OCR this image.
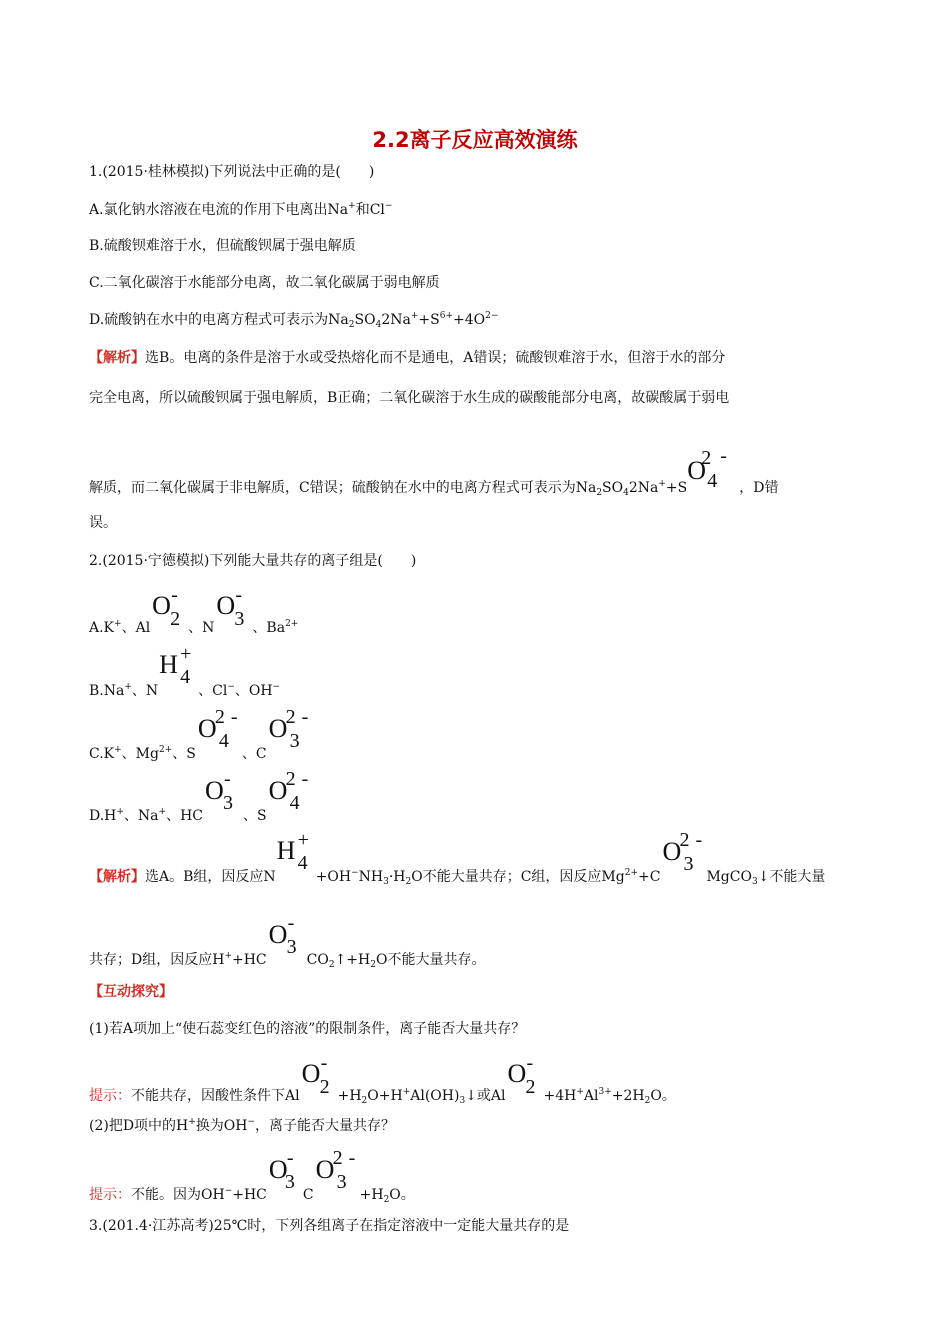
2.2离子反应高效演练
1.(2015·桂林模拟)下列说法中正确的是(　　)
A.氯化钠水溶液在电流的作用下电离出Na+和Cl−
B.硫酸钡难溶于水，但硫酸钡属于强电解质
C.二氧化碳溶于水能部分电离，故二氧化碳属于弱电解质
D.硫酸钠在水中的电离方程式可表示为$Na_2SO_42Na^++S^{6+}+4O^{2-}$
【解析】选B。电离的条件是溶于水或受热熔化而不是通电，A错误；硫酸钡难溶于水，但溶于水的部分
完全电离，所以硫酸钡属于强电解质，B正确；二氧化碳溶于水生成的碳酸能部分电离，故碳酸属于弱电
解质，而二氧化碳属于非电解质，C错误；硫酸钠在水中的电离方程式可表示为$Na_2SO_42Na^++S$
O
2 -
4 ，D错
误。
2.(2015·宁德模拟)下列能大量共存的离子组是(　　)
A.K+、Al
O -
2 、N
O -
3 、$Ba^{2+}$
B.Na+、N
H +
4
、Cl−、OH−
C.K+、$Mg^{2+}$、S
O
2 -
4
、C
O
2 -
3
D.H+、Na+、HC
O -
3
、S
O
2 -
4
【解析】选A。B组，因反应N
H +
4
$+OH^-NH_3\cdot H_2O$不能大量共存；C组，因反应$Mg^{2+}+C$
O
2 -
3
MgCO$_3$↓不能大量
共存；D组，因反应H++HC
O -
3
$CO_2↑+H_2O$不能大量共存。
【互动探究】
(1)若A项加上“使石蕊变红色的溶液”的限制条件，离子能否大量共存？
提示：不能共存，因酸性条件下Al
O -
$2 +H_2O+H^+Al(OH)_3↓$或Al
O -
$2 +4H^+Al^{3+}+2H_2O$。
(2)把D项中的H+换为OH−，离子能否大量共存？
提示：不能。因为OH−+HC
O -
3
C
O
2 -
3
$+H_2O$。
3.(201.4·江苏高考)25℃时，下列各组离子在指定溶液中一定能大量共存的是
